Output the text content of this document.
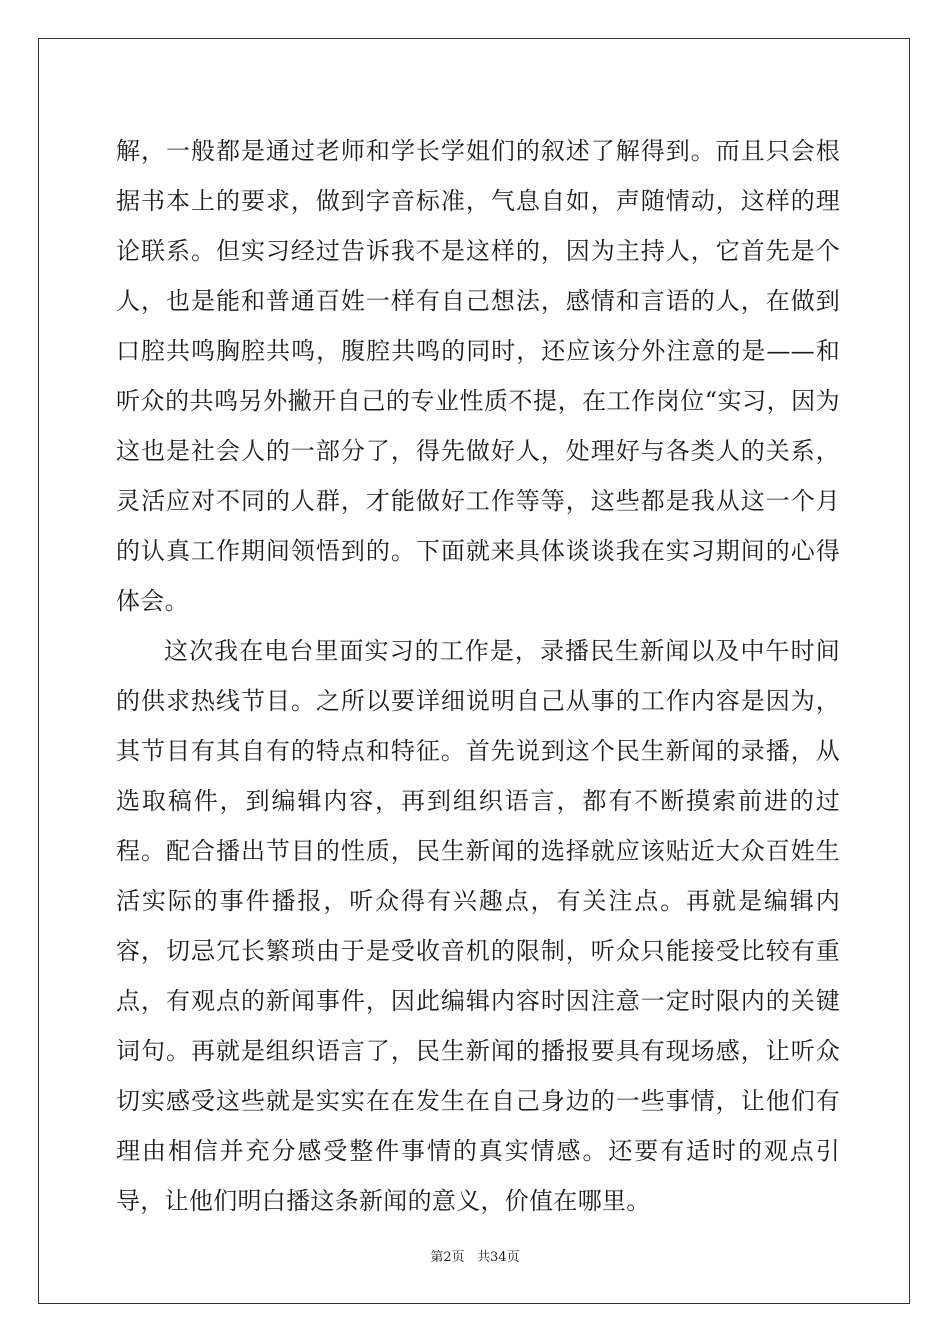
解，一般都是通过老师和学长学姐们的叙述了解得到。而且只会根据书本上的要求，做到字音标准，气息自如，声随情动，这样的理论联系。但实习经过告诉我不是这样的，因为主持人，它首先是个人，也是能和普通百姓一样有自己想法，感情和言语的人，在做到口腔共鸣胸腔共鸣，腹腔共鸣的同时，还应该分外注意的是——和听众的共鸣另外撇开自己的专业性质不提，在工作岗位“实习，因为这也是社会人的一部分了，得先做好人，处理好与各类人的关系，灵活应对不同的人群，才能做好工作等等，这些都是我从这一个月的认真工作期间领悟到的。下面就来具体谈谈我在实习期间的心得体会。

这次我在电台里面实习的工作是，录播民生新闻以及中午时间的供求热线节目。之所以要详细说明自己从事的工作内容是因为，其节目有其自有的特点和特征。首先说到这个民生新闻的录播，从选取稿件，到编辑内容，再到组织语言，都有不断摸索前进的过程。配合播出节目的性质，民生新闻的选择就应该贴近大众百姓生活实际的事件播报，听众得有兴趣点，有关注点。再就是编辑内容，切忌冗长繁琐由于是受收音机的限制，听众只能接受比较有重点，有观点的新闻事件，因此编辑内容时因注意一定时限内的关键词句。再就是组织语言了，民生新闻的播报要具有现场感，让听众切实感受这些就是实实在在发生在自己身边的一些事情，让他们有理由相信并充分感受整件事情的真实情感。还要有适时的观点引导，让他们明白播这条新闻的意义，价值在哪里。

第2页   共34页
